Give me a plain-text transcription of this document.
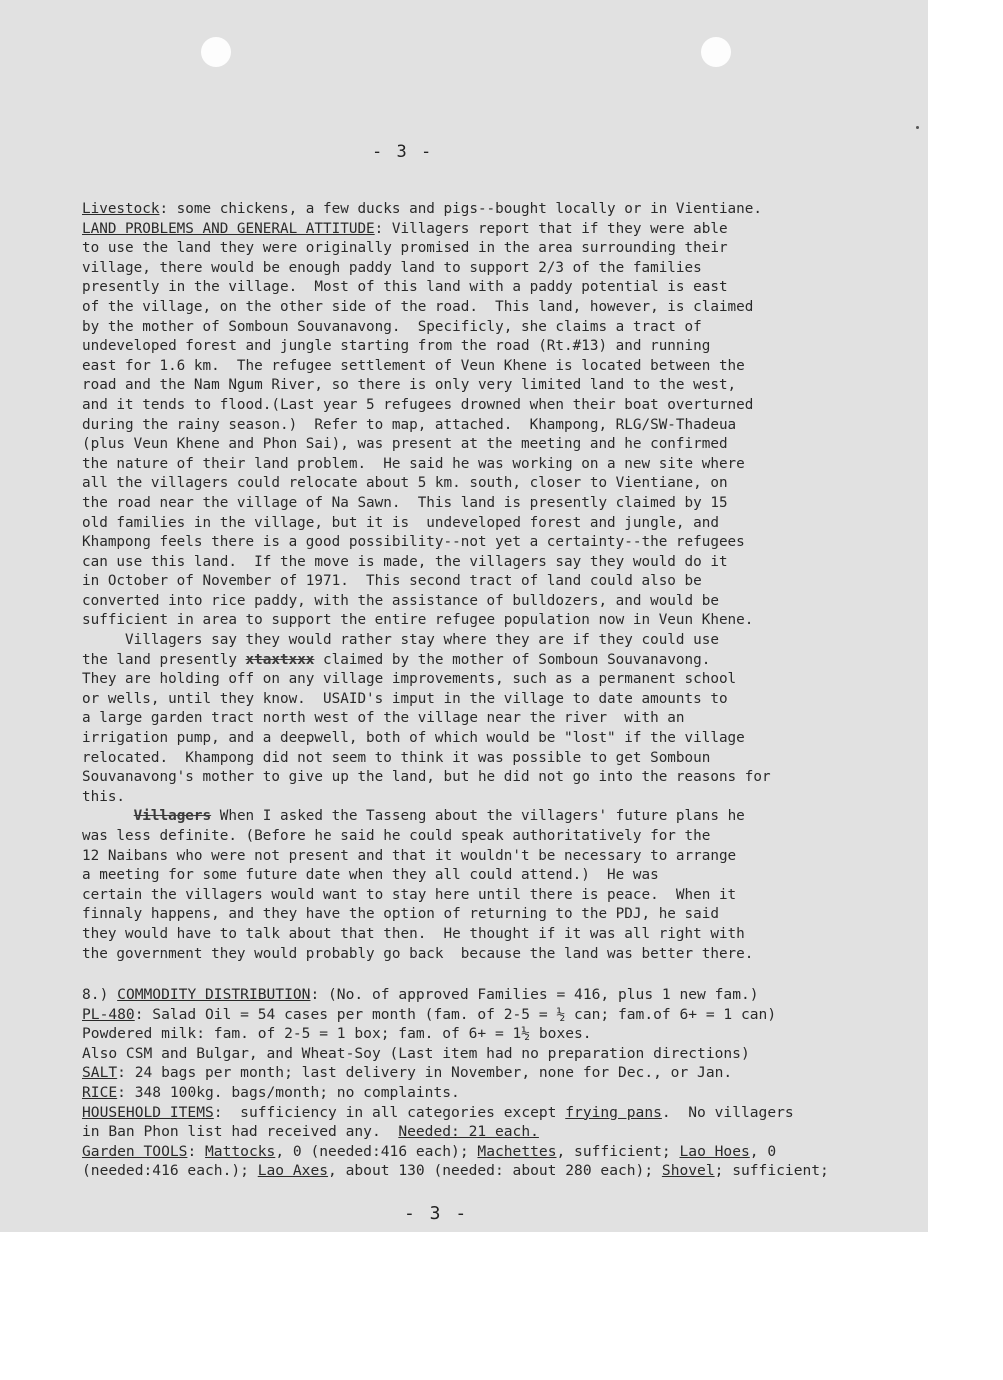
- 3 -
Livestock: some chickens, a few ducks and pigs--bought locally or in Vientiane.
LAND PROBLEMS AND GENERAL ATTITUDE: Villagers report that if they were able
to use the land they were originally promised in the area surrounding their
village, there would be enough paddy land to support 2/3 of the families
presently in the village.  Most of this land with a paddy potential is east
of the village, on the other side of the road.  This land, however, is claimed
by the mother of Somboun Souvanavong.  Specificly, she claims a tract of
undeveloped forest and jungle starting from the road (Rt.#13) and running
east for 1.6 km.  The refugee settlement of Veun Khene is located between the
road and the Nam Ngum River, so there is only very limited land to the west,
and it tends to flood.(Last year 5 refugees drowned when their boat overturned
during the rainy season.)  Refer to map, attached.  Khampong, RLG/SW-Thadeua
(plus Veun Khene and Phon Sai), was present at the meeting and he confirmed
the nature of their land problem.  He said he was working on a new site where
all the villagers could relocate about 5 km. south, closer to Vientiane, on
the road near the village of Na Sawn.  This land is presently claimed by 15
old families in the village, but it is  undeveloped forest and jungle, and
Khampong feels there is a good possibility--not yet a certainty--the refugees
can use this land.  If the move is made, the villagers say they would do it
in October of November of 1971.  This second tract of land could also be
converted into rice paddy, with the assistance of bulldozers, and would be
sufficient in area to support the entire refugee population now in Veun Khene.
Villagers say they would rather stay where they are if they could use
the land presently xtaxtxxx claimed by the mother of Somboun Souvanavong.
They are holding off on any village improvements, such as a permanent school
or wells, until they know.  USAID's imput in the village to date amounts to
a large garden tract north west of the village near the river  with an
irrigation pump, and a deepwell, both of which would be "lost" if the village
relocated.  Khampong did not seem to think it was possible to get Somboun
Souvanavong's mother to give up the land, but he did not go into the reasons for
this.
Villagers When I asked the Tasseng about the villagers' future plans he
was less definite. (Before he said he could speak authoritatively for the
12 Naibans who were not present and that it wouldn't be necessary to arrange
a meeting for some future date when they all could attend.)  He was
certain the villagers would want to stay here until there is peace.  When it
finnaly happens, and they have the option of returning to the PDJ, he said
they would have to talk about that then.  He thought if it was all right with
the government they would probably go back  because the land was better there.
8.) COMMODITY DISTRIBUTION: (No. of approved Families = 416, plus 1 new fam.)
PL-480: Salad Oil = 54 cases per month (fam. of 2-5 = ½ can; fam.of 6+ = 1 can)
Powdered milk: fam. of 2-5 = 1 box; fam. of 6+ = 1½ boxes.
Also CSM and Bulgar, and Wheat-Soy (Last item had no preparation directions)
SALT: 24 bags per month; last delivery in November, none for Dec., or Jan.
RICE: 348 100kg. bags/month; no complaints.
HOUSEHOLD ITEMS:  sufficiency in all categories except frying pans.  No villagers
in Ban Phon list had received any.  Needed: 21 each.
Garden TOOLS: Mattocks, 0 (needed:416 each); Machettes, sufficient; Lao Hoes, 0
(needed:416 each.); Lao Axes, about 130 (needed: about 280 each); Shovel; sufficient;
- 3 -
